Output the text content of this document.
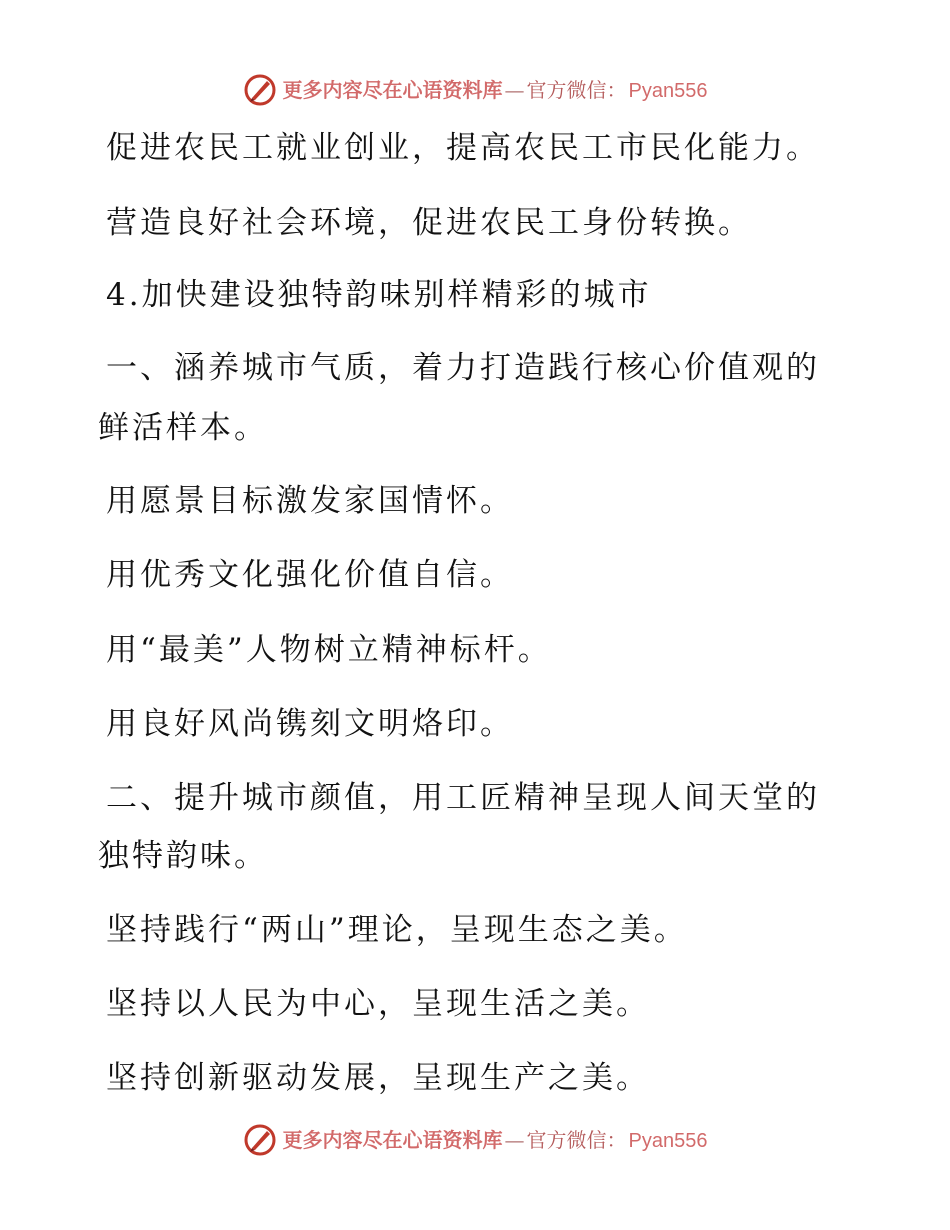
更多内容尽在心语资料库 — 官方微信： Pyan556
促进农民工就业创业，提高农民工市民化能力。
营造良好社会环境，促进农民工身份转换。
4.加快建设独特韵味别样精彩的城市
一、涵养城市气质，着力打造践行核心价值观的
鲜活样本。
用愿景目标激发家国情怀。
用优秀文化强化价值自信。
用“最美”人物树立精神标杆。
用良好风尚镌刻文明烙印。
二、提升城市颜值，用工匠精神呈现人间天堂的
独特韵味。
坚持践行“两山”理论，呈现生态之美。
坚持以人民为中心，呈现生活之美。
坚持创新驱动发展，呈现生产之美。
更多内容尽在心语资料库 — 官方微信： Pyan556
